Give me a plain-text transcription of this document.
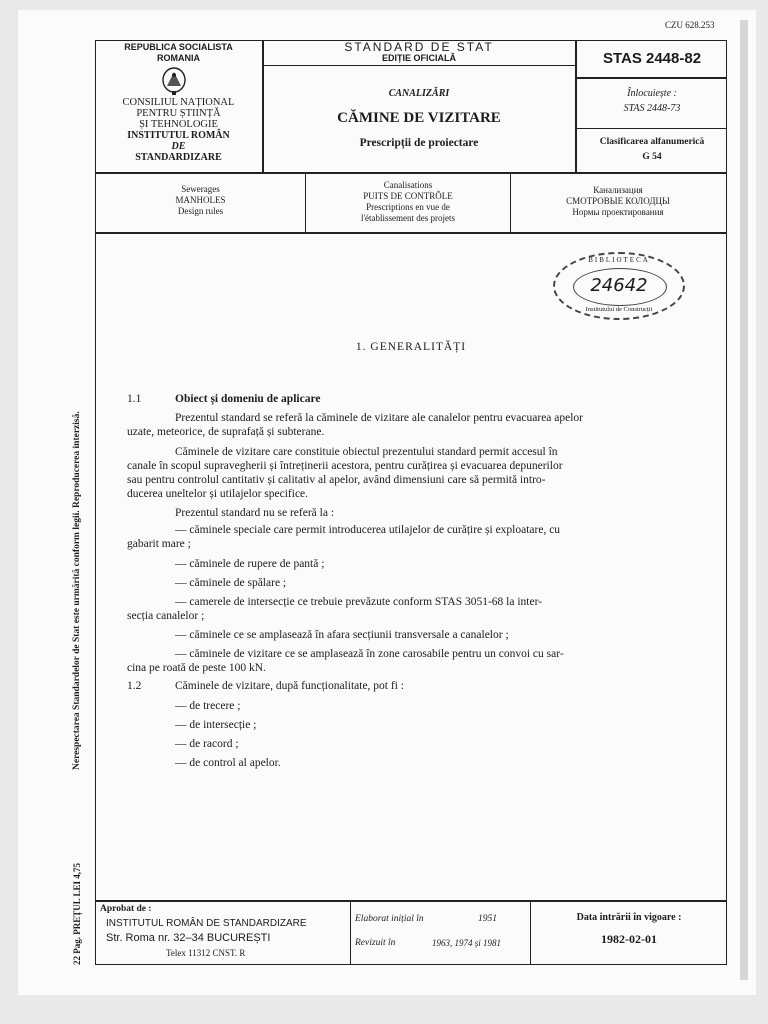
CZU 628.253
REPUBLICA SOCIALISTA
ROMANIA
CONSILIUL NAȚIONAL
PENTRU ȘTIINȚĂ
ȘI TEHNOLOGIE
INSTITUTUL ROMÂN
DE
STANDARDIZARE
STANDARD DE STAT
EDIȚIE OFICIALĂ
CANALIZĂRI
CĂMINE DE VIZITARE
Prescripții de proiectare
STAS 2448-82
Înlocuiește :
STAS 2448-73
Clasificarea alfanumerică
G 54
Sewerages
MANHOLES
Design rules
Canalisations
PUITS DE CONTRÔLE
Prescriptions en vue de
l'établissement des projets
Канализация
СМОТРОВЫЕ КОЛОДЦЫ
Нормы проектирования
BIBLIOTECA
24642
Institutului de Construcții
1. GENERALITĂȚI
1.1	Obiect și domeniu de aplicare
Prezentul standard se referă la căminele de vizitare ale canalelor pentru evacuarea apelor
uzate, meteorice, de suprafață și subterane.
Căminele de vizitare care constituie obiectul prezentului standard permit accesul în
canale în scopul supravegherii și întreținerii acestora, pentru curățirea și evacuarea depunerilor
sau pentru controlul cantitativ și calitativ al apelor, având dimensiuni care să permită intro-
ducerea uneltelor și utilajelor specifice.
Prezentul standard nu se referă la :
— căminele speciale care permit introducerea utilajelor de curățire și exploatare, cu
gabarit mare ;
— căminele de rupere de pantă ;
— căminele de spălare ;
— camerele de intersecție ce trebuie prevăzute conform STAS 3051-68 la inter-
secția canalelor ;
— căminele ce se amplasează în afara secțiunii transversale a canalelor ;
— căminele de vizitare ce se amplasează în zone carosabile pentru un convoi cu sar-
cina pe roată de peste 100 kN.
1.2	Căminele de vizitare, după funcționalitate, pot fi :
— de trecere ;
— de intersecție ;
— de racord ;
— de control al apelor.
Nerespectarea Standardelor de Stat este urmărită conform legii. Reproducerea interzisă.
22 Pag. PREȚUL LEI 4,75 Aprobat de :
INSTITUTUL ROMÂN DE STANDARDIZARE
Str. Roma nr. 32–34 BUCUREȘTI
Telex 11312 CNST. R
Elaborat inițial în	1951
Revizuit în	1963, 1974 și 1981
Data intrării în vigoare :
1982-02-01
